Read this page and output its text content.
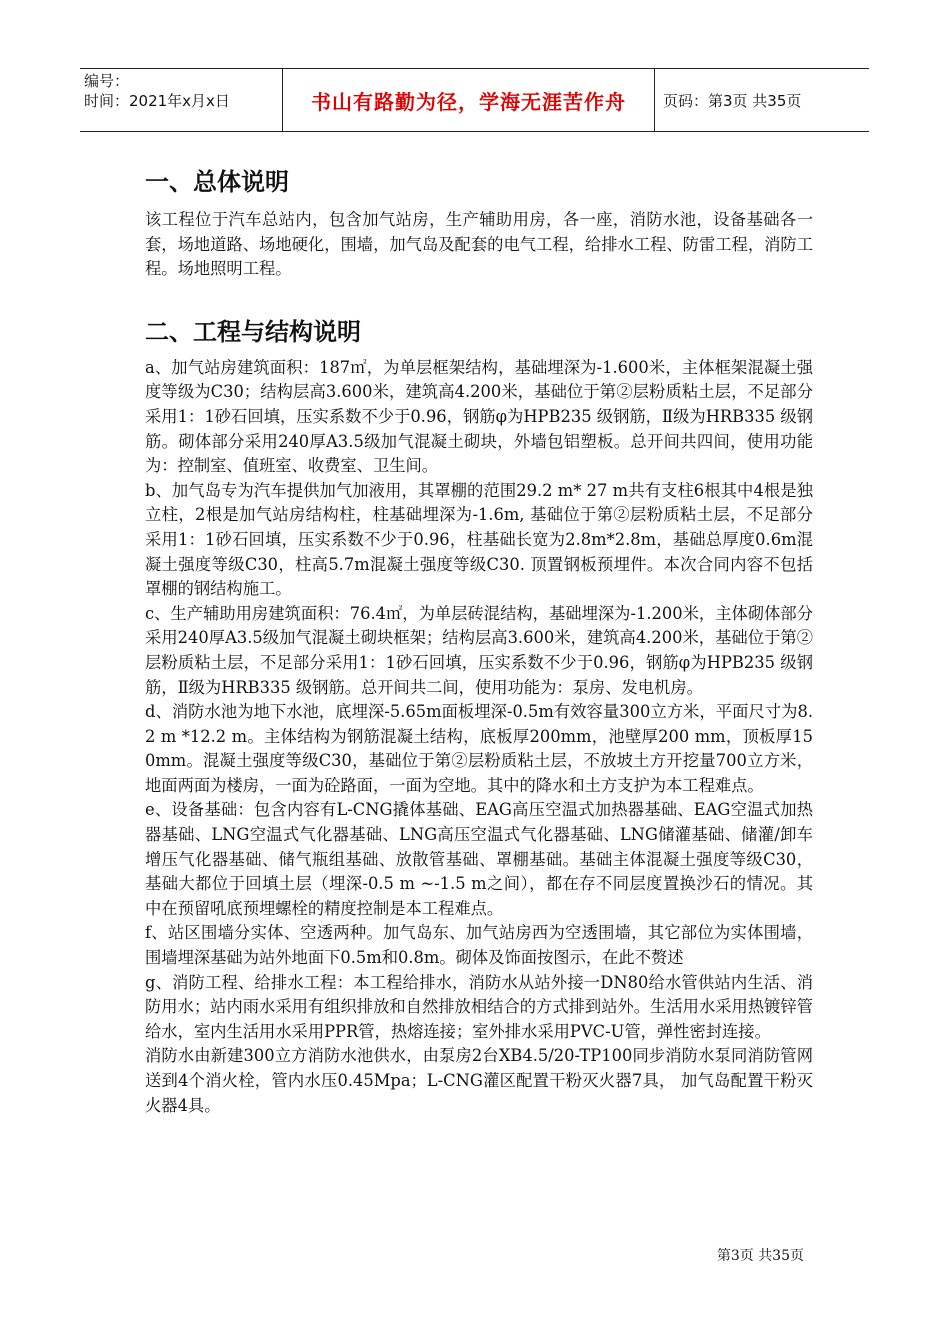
编号：
时间：2021年x月x日	书山有路勤为径，学海无涯苦作舟 页码：第3页 共35页
一、总体说明

该工程位于汽车总站内，包含加气站房，生产辅助用房，各一座，消防水池，设备基础各一套，场地道路、场地硬化，围墙，加气岛及配套的电气工程，给排水工程、防雷工程，消防工程。场地照明工程。

二、工程与结构说明

a、加气站房建筑面积：187㎡，为单层框架结构，基础埋深为-1.600米，主体框架混凝土强度等级为C30；结构层高3.600米，建筑高4.200米，基础位于第②层粉质粘土层，不足部分采用1：1砂石回填，压实系数不少于0.96，钢筋φ为HPB235 级钢筋，Ⅱ级为HRB335 级钢筋。砌体部分采用240厚A3.5级加气混凝土砌块，外墙包铝塑板。总开间共四间，使用功能为：控制室、值班室、收费室、卫生间。

b、加气岛专为汽车提供加气加液用，其罩棚的范围29.2 m* 27 m共有支柱6根其中4根是独立柱，2根是加气站房结构柱，柱基础埋深为-1.6m, 基础位于第②层粉质粘土层，不足部分采用1：1砂石回填，压实系数不少于0.96，柱基础长宽为2.8m*2.8m，基础总厚度0.6m混凝土强度等级C30，柱高5.7m混凝土强度等级C30. 顶置钢板预埋件。本次合同内容不包括罩棚的钢结构施工。

c、生产辅助用房建筑面积：76.4㎡，为单层砖混结构，基础埋深为-1.200米，主体砌体部分采用240厚A3.5级加气混凝土砌块框架；结构层高3.600米，建筑高4.200米，基础位于第②层粉质粘土层，不足部分采用1：1砂石回填，压实系数不少于0.96，钢筋φ为HPB235 级钢筋，Ⅱ级为HRB335 级钢筋。总开间共二间，使用功能为：泵房、发电机房。

d、消防水池为地下水池，底埋深-5.65m面板埋深-0.5m有效容量300立方米，平面尺寸为8.2 m *12.2 m。主体结构为钢筋混凝土结构，底板厚200mm，池壁厚200 mm，顶板厚150mm。混凝土强度等级C30，基础位于第②层粉质粘土层，不放坡土方开挖量700立方米，地面两面为楼房，一面为砼路面，一面为空地。其中的降水和土方支护为本工程难点。

e、设备基础：包含内容有L-CNG撬体基础、EAG高压空温式加热器基础、EAG空温式加热器基础、LNG空温式气化器基础、LNG高压空温式气化器基础、LNG储灌基础、储灌/卸车增压气化器基础、储气瓶组基础、放散管基础、罩棚基础。基础主体混凝土强度等级C30，基础大都位于回填土层（埋深-0.5 m ~-1.5 m之间），都在存不同层度置换沙石的情况。其中在预留吼底预埋螺栓的精度控制是本工程难点。

f、站区围墙分实体、空透两种。加气岛东、加气站房西为空透围墙，其它部位为实体围墙，围墙埋深基础为站外地面下0.5m和0.8m。砌体及饰面按图示，在此不赘述

g、消防工程、给排水工程：本工程给排水，消防水从站外接一DN80给水管供站内生活、消防用水；站内雨水采用有组织排放和自然排放相结合的方式排到站外。生活用水采用热镀锌管给水，室内生活用水采用PPR管，热熔连接；室外排水采用PVC-U管，弹性密封连接。

消防水由新建300立方消防水池供水，由泵房2台XB4.5/20-TP100同步消防水泵同消防管网送到4个消火栓，管内水压0.45Mpa；L-CNG灌区配置干粉灭火器7具， 加气岛配置干粉灭火器4具。

第3页 共35页
